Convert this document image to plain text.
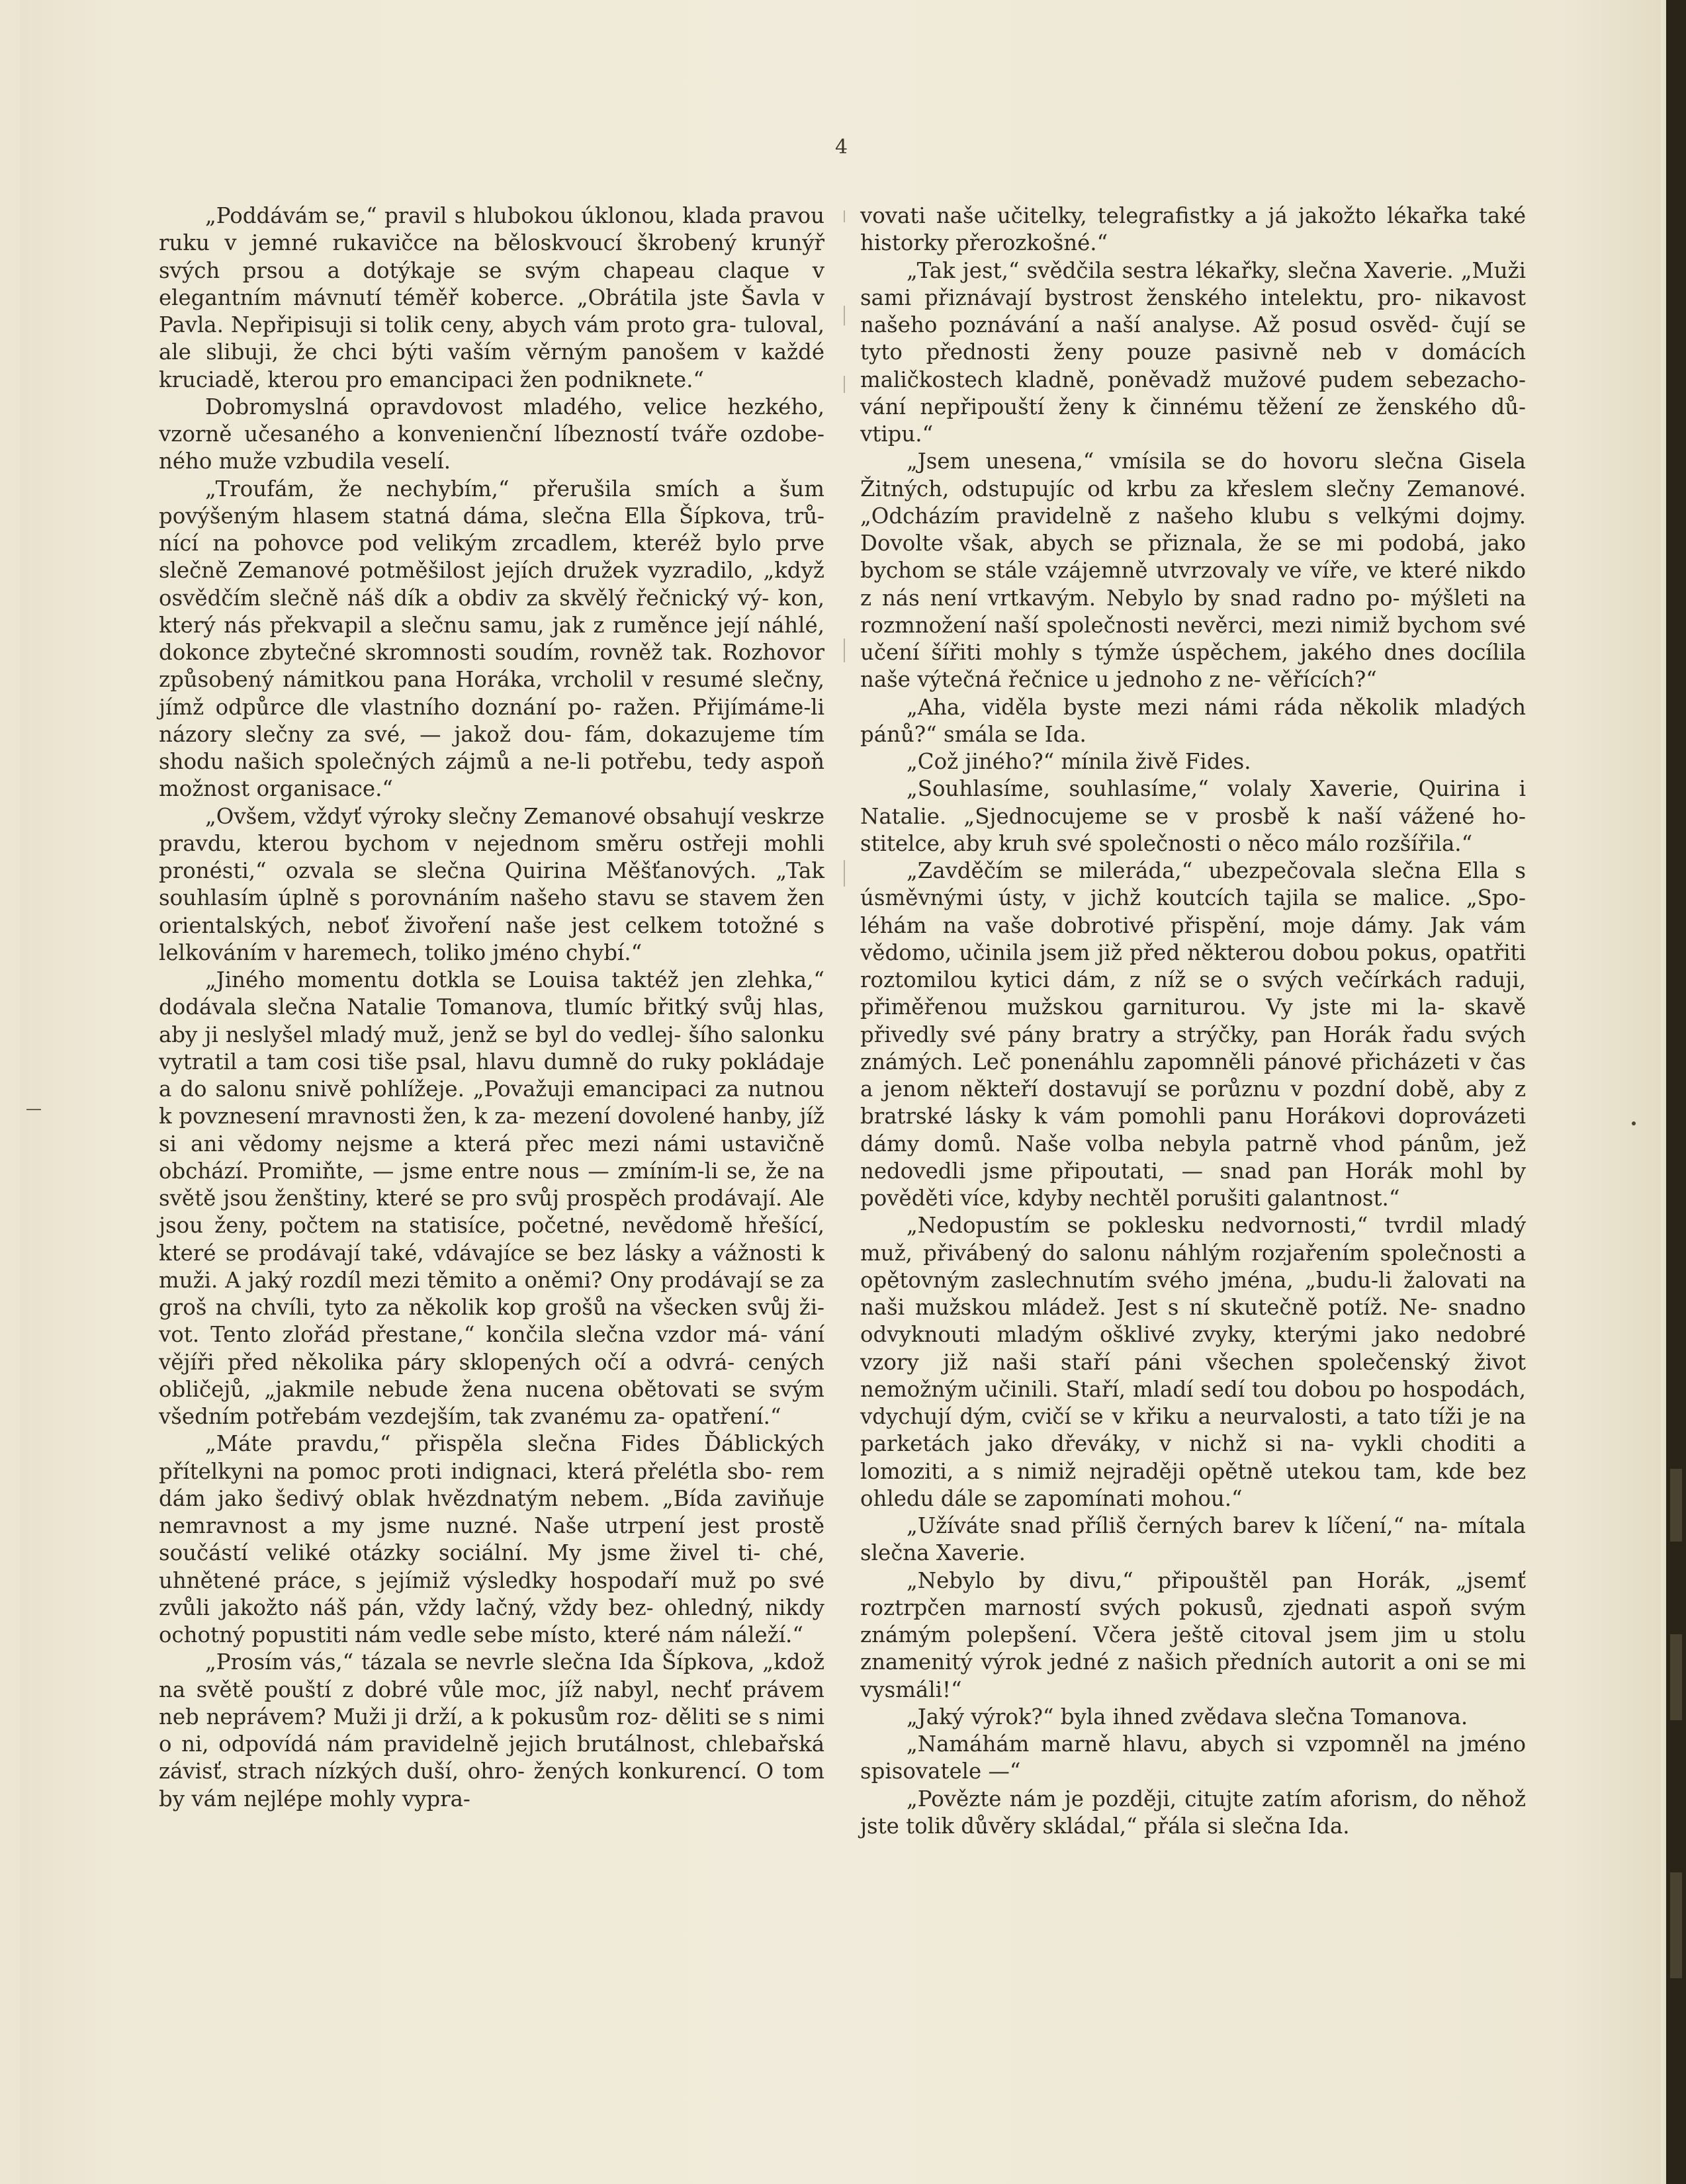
4

„Poddávám se,“ pravil s hlubokou úklonou, klada pravou ruku v jemné rukavičce na běloskvoucí škrobený krunýř svých prsou a dotýkaje se svým chapeau claque v elegantním mávnutí téměř koberce. „Obrátila jste Šavla v Pavla. Nepřipisuji si tolik ceny, abych vám proto gra- tuloval, ale slibuji, že chci býti vaším věrným panošem v každé kruciadě, kterou pro emancipaci žen podniknete.“

Dobromyslná opravdovost mladého, velice hezkého, vzorně učesaného a konvenienční líbezností tváře ozdobe- ného muže vzbudila veselí.

„Troufám, že nechybím,“ přerušila smích a šum povýšeným hlasem statná dáma, slečna Ella Šípkova, trů- nící na pohovce pod velikým zrcadlem, kteréž bylo prve slečně Zemanové potměšilost jejích družek vyzradilo, „když osvědčím slečně náš dík a obdiv za skvělý řečnický vý- kon, který nás překvapil a slečnu samu, jak z ruměnce její náhlé, dokonce zbytečné skromnosti soudím, rovněž tak. Rozhovor způsobený námitkou pana Horáka, vrcholil v resumé slečny, jímž odpůrce dle vlastního doznání po- ražen. Přijímáme-li názory slečny za své, — jakož dou- fám, dokazujeme tím shodu našich společných zájmů a ne-li potřebu, tedy aspoň možnost organisace.“

„Ovšem, vždyť výroky slečny Zemanové obsahují veskrze pravdu, kterou bychom v nejednom směru ostřeji mohli pronésti,“ ozvala se slečna Quirina Měšťanových. „Tak souhlasím úplně s porovnáním našeho stavu se stavem žen orientalských, neboť živoření naše jest celkem totožné s lelkováním v haremech, toliko jméno chybí.“

„Jiného momentu dotkla se Louisa taktéž jen zlehka,“ dodávala slečna Natalie Tomanova, tlumíc břitký svůj hlas, aby ji neslyšel mladý muž, jenž se byl do vedlej- šího salonku vytratil a tam cosi tiše psal, hlavu dumně do ruky pokládaje a do salonu snivě pohlížeje. „Považuji emancipaci za nutnou k povznesení mravnosti žen, k za- mezení dovolené hanby, jíž si ani vědomy nejsme a která přec mezi námi ustavičně obchází. Promiňte, — jsme entre nous — zmíním-li se, že na světě jsou ženštiny, které se pro svůj prospěch prodávají. Ale jsou ženy, počtem na statisíce, početné, nevědomě hřešící, které se prodávají také, vdávajíce se bez lásky a vážnosti k muži. A jaký rozdíl mezi těmito a oněmi? Ony prodávají se za groš na chvíli, tyto za několik kop grošů na všecken svůj ži- vot. Tento zlořád přestane,“ končila slečna vzdor má- vání vějíři před několika páry sklopených očí a odvrá- cených obličejů, „jakmile nebude žena nucena obětovati se svým všedním potřebám vezdejším, tak zvanému za- opatření.“

„Máte pravdu,“ přispěla slečna Fides Ďáblických přítelkyni na pomoc proti indignaci, která přelétla sbo- rem dám jako šedivý oblak hvězdnatým nebem. „Bída zaviňuje nemravnost a my jsme nuzné. Naše utrpení jest prostě součástí veliké otázky sociální. My jsme živel ti- ché, uhnětené práce, s jejímiž výsledky hospodaří muž po své zvůli jakožto náš pán, vždy lačný, vždy bez- ohledný, nikdy ochotný popustiti nám vedle sebe místo, které nám náleží.“

„Prosím vás,“ tázala se nevrle slečna Ida Šípkova, „kdož na světě pouští z dobré vůle moc, jíž nabyl, nechť právem neb neprávem? Muži ji drží, a k pokusům roz- děliti se s nimi o ni, odpovídá nám pravidelně jejich brutálnost, chlebařská závisť, strach nízkých duší, ohro- žených konkurencí. O tom by vám nejlépe mohly vypra-

vovati naše učitelky, telegrafistky a já jakožto lékařka také historky přerozkošné.“

„Tak jest,“ svědčila sestra lékařky, slečna Xaverie. „Muži sami přiznávají bystrost ženského intelektu, pro- nikavost našeho poznávání a naší analyse. Až posud osvěd- čují se tyto přednosti ženy pouze pasivně neb v domácích maličkostech kladně, poněvadž mužové pudem sebezacho- vání nepřipouští ženy k činnému těžení ze ženského dů- vtipu.“

„Jsem unesena,“ vmísila se do hovoru slečna Gisela Žitných, odstupujíc od krbu za křeslem slečny Zemanové. „Odcházím pravidelně z našeho klubu s velkými dojmy. Dovolte však, abych se přiznala, že se mi podobá, jako bychom se stále vzájemně utvrzovaly ve víře, ve které nikdo z nás není vrtkavým. Nebylo by snad radno po- mýšleti na rozmnožení naší společnosti nevěrci, mezi nimiž bychom své učení šířiti mohly s týmže úspěchem, jakého dnes docílila naše výtečná řečnice u jednoho z ne- věřících?“

„Aha, viděla byste mezi námi ráda několik mladých pánů?“ smála se Ida.

„Což jiného?“ mínila živě Fides.

„Souhlasíme, souhlasíme,“ volaly Xaverie, Quirina i Natalie. „Sjednocujeme se v prosbě k naší vážené ho- stitelce, aby kruh své společnosti o něco málo rozšířila.“

„Zavděčím se mileráda,“ ubezpečovala slečna Ella s úsměvnými ústy, v jichž koutcích tajila se malice. „Spo- léhám na vaše dobrotivé přispění, moje dámy. Jak vám vědomo, učinila jsem již před některou dobou pokus, opatřiti roztomilou kytici dám, z níž se o svých večírkách raduji, přiměřenou mužskou garniturou. Vy jste mi la- skavě přivedly své pány bratry a strýčky, pan Horák řadu svých známých. Leč ponenáhlu zapomněli pánové přicházeti v čas a jenom někteří dostavují se porůznu v pozdní době, aby z bratrské lásky k vám pomohli panu Horákovi doprovázeti dámy domů. Naše volba nebyla patrně vhod pánům, jež nedovedli jsme připoutati, — snad pan Horák mohl by pověděti více, kdyby nechtěl porušiti galantnost.“

„Nedopustím se poklesku nedvornosti,“ tvrdil mladý muž, přivábený do salonu náhlým rozjařením společnosti a opětovným zaslechnutím svého jména, „budu-li žalovati na naši mužskou mládež. Jest s ní skutečně potíž. Ne- snadno odvyknouti mladým ošklivé zvyky, kterými jako nedobré vzory již naši staří páni všechen společenský život nemožným učinili. Staří, mladí sedí tou dobou po hospodách, vdychují dým, cvičí se v křiku a neurvalosti, a tato tíži je na parketách jako dřeváky, v nichž si na- vykli choditi a lomoziti, a s nimiž nejraději opětně utekou tam, kde bez ohledu dále se zapomínati mohou.“

„Užíváte snad příliš černých barev k líčení,“ na- mítala slečna Xaverie.

„Nebylo by divu,“ připouštěl pan Horák, „jsemť roztrpčen marností svých pokusů, zjednati aspoň svým známým polepšení. Včera ještě citoval jsem jim u stolu znamenitý výrok jedné z našich předních autorit a oni se mi vysmáli!“

„Jaký výrok?“ byla ihned zvědava slečna Tomanova.

„Namáhám marně hlavu, abych si vzpomněl na jméno spisovatele —“

„Povězte nám je později, citujte zatím aforism, do něhož jste tolik důvěry skládal,“ přála si slečna Ida.
